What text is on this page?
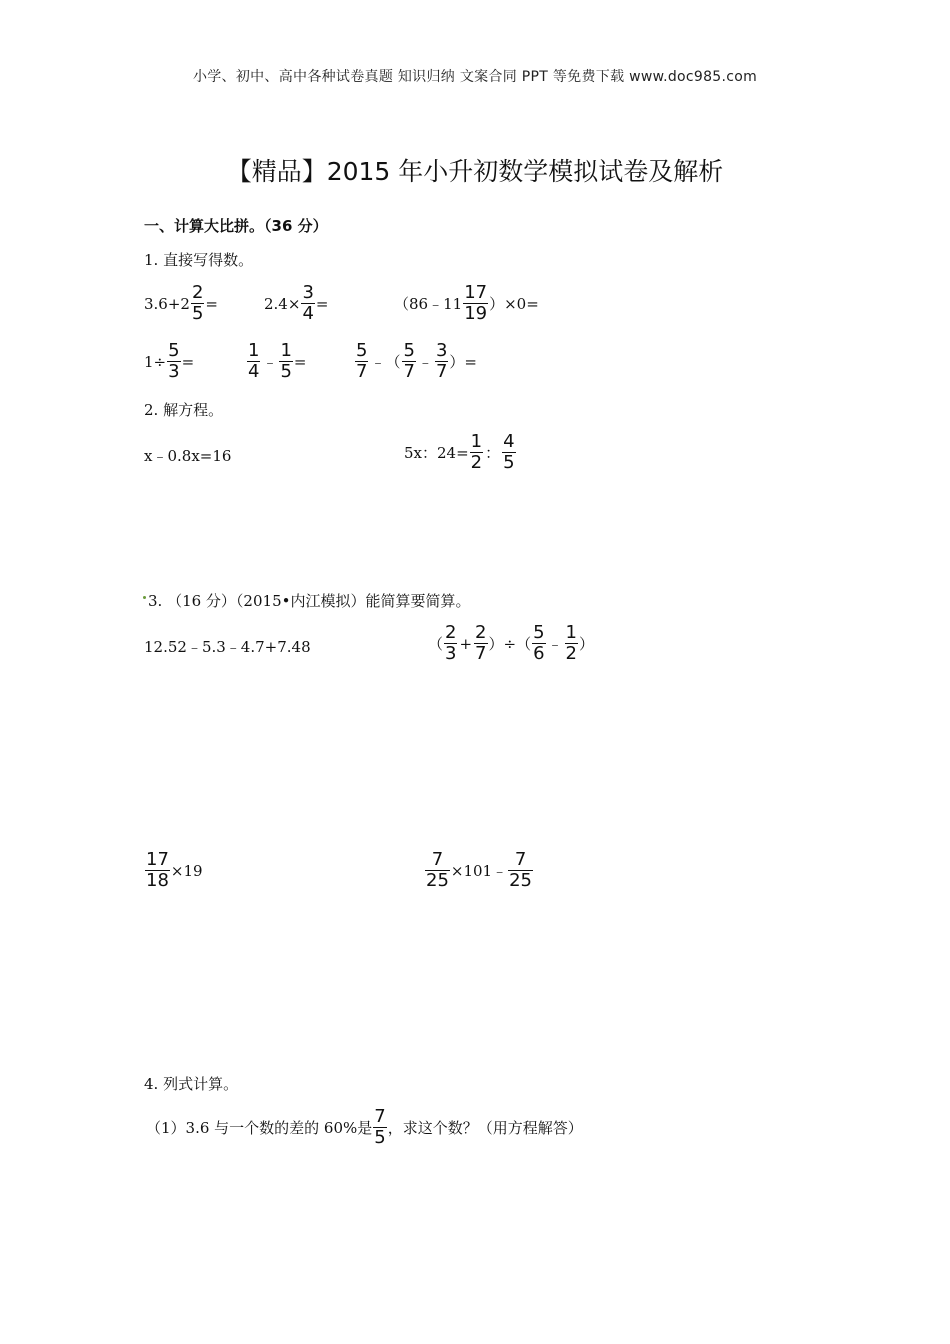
小学、初中、高中各种试卷真题 知识归纳 文案合同 PPT 等免费下载 www.doc985.com
【精品】2015 年小升初数学模拟试卷及解析
一、计算大比拼。（36 分）
1. 直接写得数。
$3.6+2 \frac{2}{5}$ =	$2.4\times \frac{3}{4}$ =	（86﹣11 $\frac{17}{19} )\times 0=$
$1\div \frac{5}{3}$ =	$\frac{1}{4}$ ﹣ $\frac{1}{5}$ =	$\frac{5}{7}$ ﹣（ $\frac{5}{7}$ ﹣ $\frac{3}{7}$ ）=
2. 解方程。
x﹣0.8x=16	5x：$24= \frac{1}{2}$ ： $\frac{4}{5}$
3. （16 分）（2015•内江模拟）能简算要简算。
12.52﹣5.3﹣4.7+7.48	（ $\frac{2}{3} + \frac{2}{7}$ ）÷（ $\frac{5}{6}$ ﹣ $\frac{1}{2}$ ）
$\frac{17}{18} \times 19$	$\frac{7}{25}$ ×101﹣ $\frac{7}{25}$
4. 列式计算。
（1）3.6 与一个数的差的 60%是 $\frac{7}{5}$ ，求这个数？（用方程解答）
